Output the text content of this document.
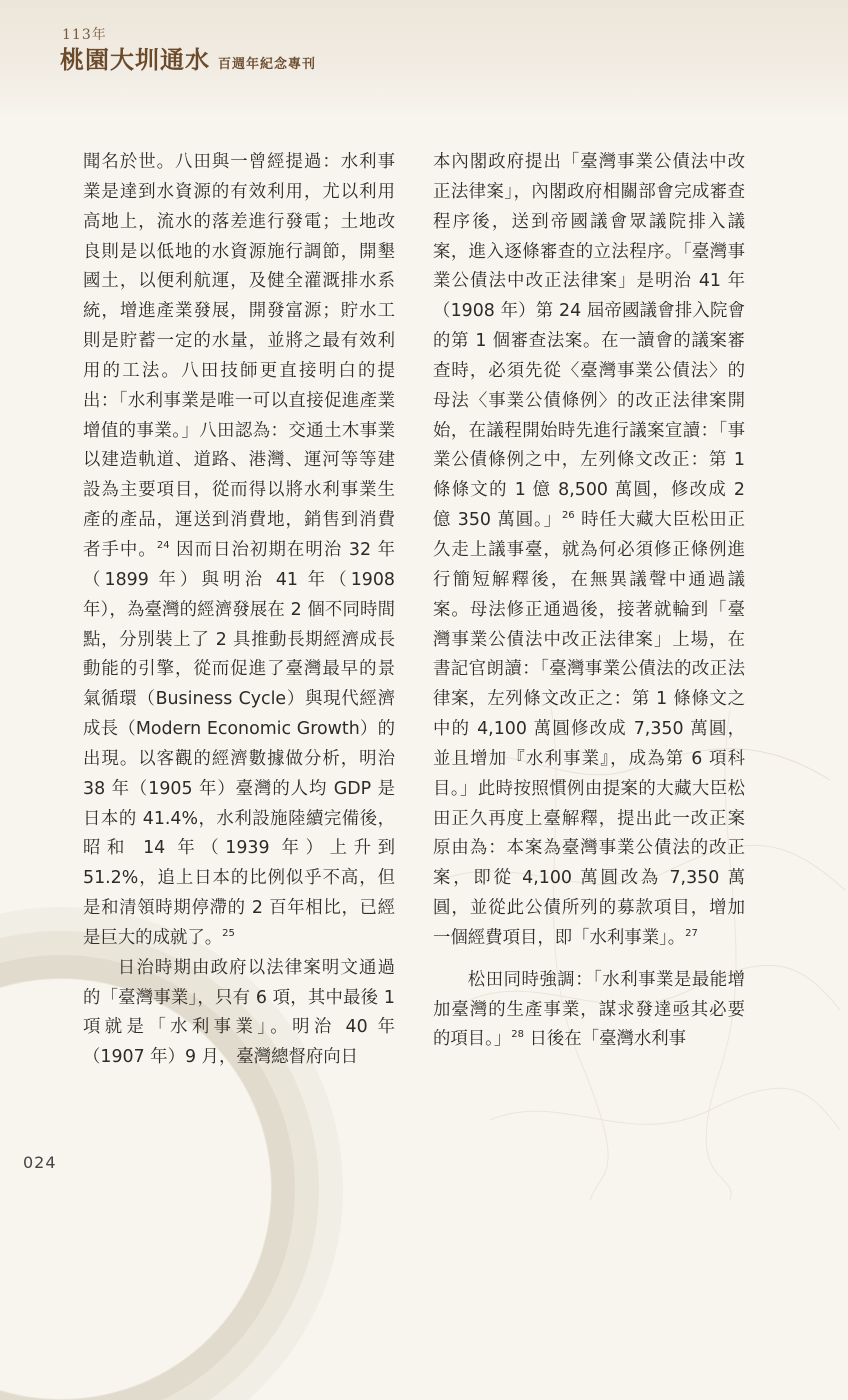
113年
桃園大圳通水 百週年紀念專刊

聞名於世。八田與一曾經提過：水利事業是達到水資源的有效利用，尤以利用高地上，流水的落差進行發電；土地改良則是以低地的水資源施行調節，開墾國土，以便利航運，及健全灌溉排水系統，增進產業發展，開發富源；貯水工則是貯蓄一定的水量，並將之最有效利用的工法。八田技師更直接明白的提出：「水利事業是唯一可以直接促進產業增值的事業。」八田認為：交通土木事業以建造軌道、道路、港灣、運河等等建設為主要項目，從而得以將水利事業生產的產品，運送到消費地，銷售到消費者手中。$^{24}$ 因而日治初期在明治 32 年（1899 年）與明治 41 年（1908 年），為臺灣的經濟發展在 2 個不同時間點，分別裝上了 2 具推動長期經濟成長動能的引擎，從而促進了臺灣最早的景氣循環（Business Cycle）與現代經濟成長（Modern Economic Growth）的出現。以客觀的經濟數據做分析，明治 38 年（1905 年）臺灣的人均 GDP 是日本的 41.4%，水利設施陸續完備後，昭和 14 年（1939 年）上升到 51.2%，追上日本的比例似乎不高，但是和清領時期停滯的 2 百年相比，已經是巨大的成就了。$^{25}$

日治時期由政府以法律案明文通過的「臺灣事業」，只有 6 項，其中最後 1 項就是「水利事業」。明治 40 年（1907 年）9 月，臺灣總督府向日

本內閣政府提出「臺灣事業公債法中改正法律案」，內閣政府相關部會完成審查程序後，送到帝國議會眾議院排入議案，進入逐條審查的立法程序。「臺灣事業公債法中改正法律案」是明治 41 年（1908 年）第 24 屆帝國議會排入院會的第 1 個審查法案。在一讀會的議案審查時，必須先從〈臺灣事業公債法〉的母法〈事業公債條例〉的改正法律案開始，在議程開始時先進行議案宣讀：「事業公債條例之中，左列條文改正：第 1 條條文的 1 億 8,500 萬圓，修改成 2 億 350 萬圓。」$^{26}$ 時任大藏大臣松田正久走上議事臺，就為何必須修正條例進行簡短解釋後，在無異議聲中通過議案。母法修正通過後，接著就輪到「臺灣事業公債法中改正法律案」上場，在書記官朗讀：「臺灣事業公債法的改正法律案，左列條文改正之：第 1 條條文之中的 4,100 萬圓修改成 7,350 萬圓，並且增加『水利事業』，成為第 6 項科目。」此時按照慣例由提案的大藏大臣松田正久再度上臺解釋，提出此一改正案原由為：本案為臺灣事業公債法的改正案，即從 4,100 萬圓改為 7,350 萬圓，並從此公債所列的募款項目，增加一個經費項目，即「水利事業」。$^{27}$

松田同時強調：「水利事業是最能增加臺灣的生產事業，謀求發達亟其必要的項目。」$^{28}$ 日後在「臺灣水利事

024
